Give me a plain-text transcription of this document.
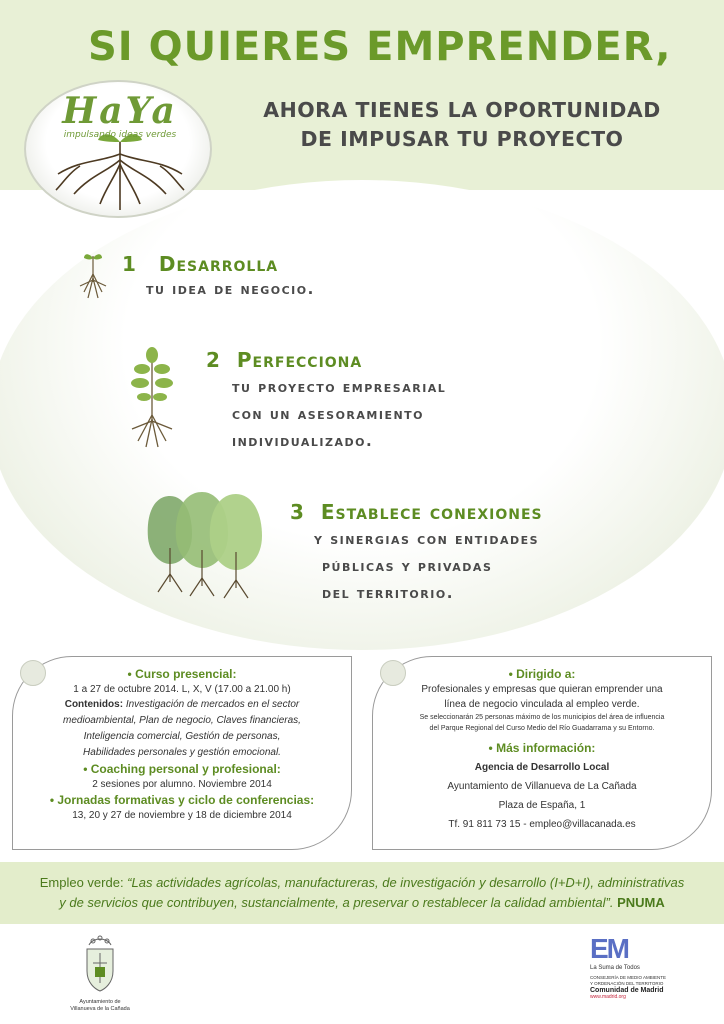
SI QUIERES EMPRENDER,
AHORA TIENES LA OPORTUNIDAD
DE IMPUSAR TU PROYECTO
HaYa
impulsando ideas verdes
1 Desarrolla
tu idea de negocio.
2 Perfecciona
tu proyecto empresarial
con un asesoramiento
individualizado.
3 Establece conexiones
y sinergias con entidades
públicas y privadas
del territorio.
• Curso presencial:
1 a 27 de octubre 2014. L, X, V (17.00 a 21.00 h)
Contenidos: Investigación de mercados en el sector
medioambiental, Plan de negocio, Claves financieras,
Inteligencia comercial, Gestión de personas,
Habilidades personales y gestión emocional.
• Coaching personal y profesional:
2 sesiones por alumno. Noviembre 2014
• Jornadas formativas y ciclo de conferencias:
13, 20 y 27 de noviembre y 18 de diciembre 2014
• Dirigido a:
Profesionales y empresas que quieran emprender una
línea de negocio vinculada al empleo verde.
Se seleccionarán 25 personas máximo de los municipios del área de influencia
del Parque Regional del Curso Medio del Río Guadarrama y su Entorno.
• Más información:
Agencia de Desarrollo Local
Ayuntamiento de Villanueva de La Cañada
Plaza de España, 1
Tf. 91 811 73 15 - empleo@villacanada.es
Empleo verde: “Las actividades agrícolas, manufactureras, de investigación y desarrollo (I+D+I), administrativas
y de servicios que contribuyen, sustancialmente, a preservar o restablecer la calidad ambiental”. PNUMA
Ayuntamiento de
Villanueva de la Cañada
EM
La Suma de Todos
CONSEJERÍA DE MEDIO AMBIENTE
Y ORDENACIÓN DEL TERRITORIO
Comunidad de Madrid
www.madrid.org
